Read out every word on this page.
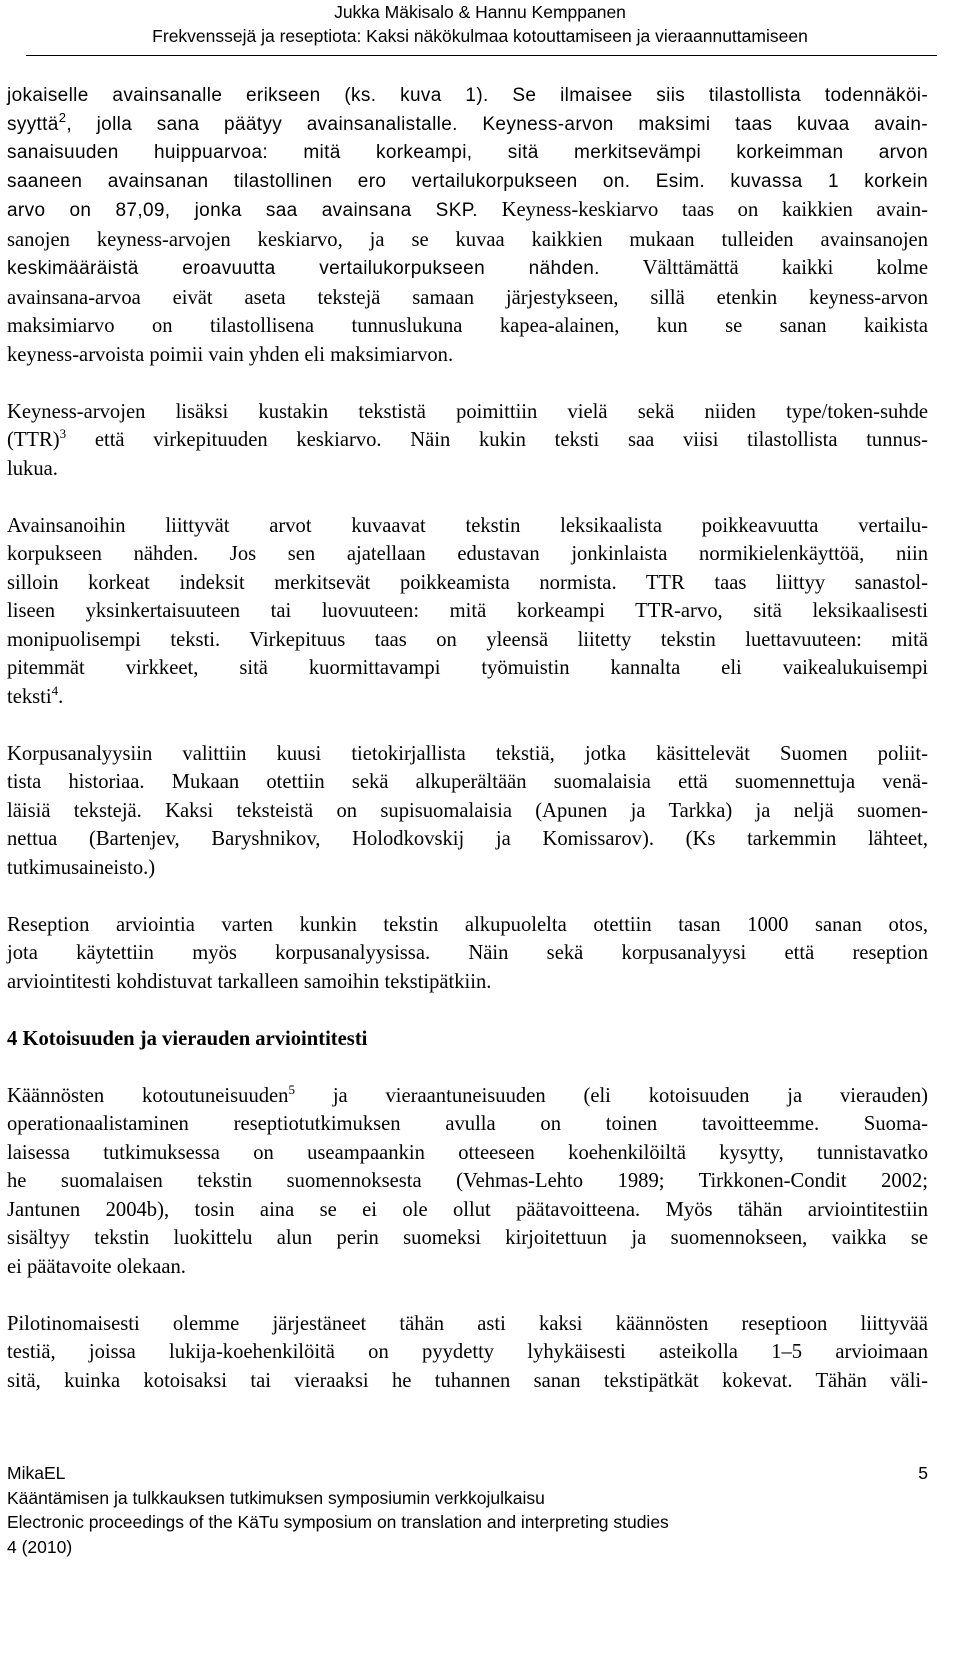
Jukka Mäkisalo & Hannu Kemppanen
Frekvenssejä ja reseptiota: Kaksi näkökulmaa kotouttamiseen ja vieraannuttamiseen
jokaiselle avainsanalle erikseen (ks. kuva 1). Se ilmaisee siis tilastollista todennäköi-
syyttä$^2$, jolla sana päätyy avainsanalistalle. Keyness-arvon maksimi taas kuvaa avain-
sanaisuuden huippuarvoa: mitä korkeampi, sitä merkitsevämpi korkeimman arvon
saaneen avainsanan tilastollinen ero vertailukorpukseen on. Esim. kuvassa 1 korkein
arvo on 87,09, jonka saa avainsana SKP. Keyness-keskiarvo taas on kaikkien avain-
sanojen keyness-arvojen keskiarvo, ja se kuvaa kaikkien mukaan tulleiden avainsanojen
keskimääräistä eroavuutta vertailukorpukseen nähden. Välttämättä kaikki kolme
avainsana-arvoa eivät aseta tekstejä samaan järjestykseen, sillä etenkin keyness-arvon
maksimiarvo on tilastollisena tunnuslukuna kapea-alainen, kun se sanan kaikista
keyness-arvoista poimii vain yhden eli maksimiarvon.
Keyness-arvojen lisäksi kustakin tekstistä poimittiin vielä sekä niiden type/token-suhde
(TTR)$^3$ että virkepituuden keskiarvo. Näin kukin teksti saa viisi tilastollista tunnus-
lukua.
Avainsanoihin liittyvät arvot kuvaavat tekstin leksikaalista poikkeavuutta vertailu-
korpukseen nähden. Jos sen ajatellaan edustavan jonkinlaista normikielenkäyttöä, niin
silloin korkeat indeksit merkitsevät poikkeamista normista. TTR taas liittyy sanastol-
liseen yksinkertaisuuteen tai luovuuteen: mitä korkeampi TTR-arvo, sitä leksikaalisesti
monipuolisempi teksti. Virkepituus taas on yleensä liitetty tekstin luettavuuteen: mitä
pitemmät virkkeet, sitä kuormittavampi työmuistin kannalta eli vaikealukuisempi
teksti$^4$.
Korpusanalyysiin valittiin kuusi tietokirjallista tekstiä, jotka käsittelevät Suomen poliit-
tista historiaa. Mukaan otettiin sekä alkuperältään suomalaisia että suomennettuja venä-
läisiä tekstejä. Kaksi teksteistä on supisuomalaisia (Apunen ja Tarkka) ja neljä suomen-
nettua (Bartenjev, Baryshnikov, Holodkovskij ja Komissarov). (Ks tarkemmin lähteet,
tutkimusaineisto.)
Reseption arviointia varten kunkin tekstin alkupuolelta otettiin tasan 1000 sanan otos,
jota käytettiin myös korpusanalyysissa. Näin sekä korpusanalyysi että reseption
arviointitesti kohdistuvat tarkalleen samoihin tekstipätkiin.
4 Kotoisuuden ja vierauden arviointitesti
Käännösten kotoutuneisuuden$^5$ ja vieraantuneisuuden (eli kotoisuuden ja vierauden)
operationaalistaminen reseptiotutkimuksen avulla on toinen tavoitteemme. Suoma-
laisessa tutkimuksessa on useampaankin otteeseen koehenkilöiltä kysytty, tunnistavatko
he suomalaisen tekstin suomennoksesta (Vehmas-Lehto 1989; Tirkkonen-Condit 2002;
Jantunen 2004b), tosin aina se ei ole ollut päätavoitteena. Myös tähän arviointitestiin
sisältyy tekstin luokittelu alun perin suomeksi kirjoitettuun ja suomennokseen, vaikka se
ei päätavoite olekaan.
Pilotinomaisesti olemme järjestäneet tähän asti kaksi käännösten reseptioon liittyvää
testiä, joissa lukija-koehenkilöitä on pyydetty lyhykäisesti asteikolla 1–5 arvioimaan
sitä, kuinka kotoisaksi tai vieraaksi he tuhannen sanan tekstipätkät kokevat. Tähän väli-
MikaEL	5
Kääntämisen ja tulkkauksen tutkimuksen symposiumin verkkojulkaisu
Electronic proceedings of the KäTu symposium on translation and interpreting studies
4 (2010)
